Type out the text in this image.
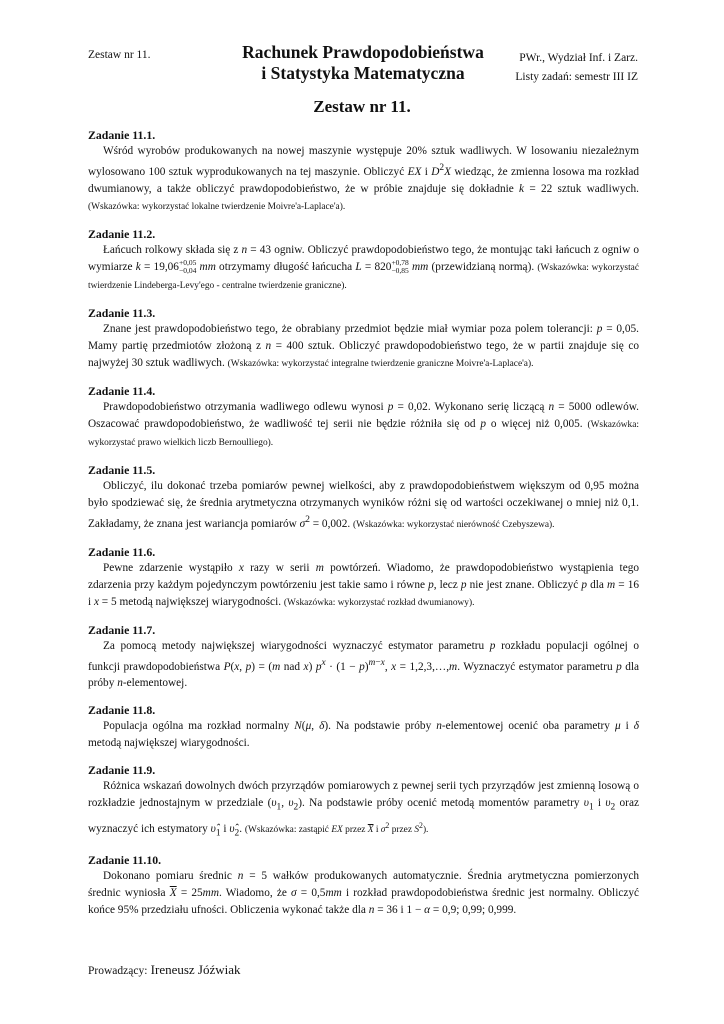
Zestaw nr 11.	Rachunek Prawdopodobieństwa
i Statystyka Matematyczna
PWr., Wydział Inf. i Zarz.
Listy zadań: semestr III IZ
Zestaw nr 11.
Zadanie 11.1.

Wśród wyrobów produkowanych na nowej maszynie występuje 20% sztuk wadliwych. W losowaniu niezależnym wylosowano 100 sztuk wyprodukowanych na tej maszynie. Obliczyć EX i $D^2X$ wiedząc, że zmienna losowa ma rozkład dwumianowy, a także obliczyć prawdopodobieństwo, że w próbie znajduje się dokładnie k = 22 sztuk wadliwych. (Wskazówka: wykorzystać lokalne twierdzenie Moivre'a-Laplace'a).

Zadanie 11.2.

Łańcuch rolkowy składa się z n = 43 ogniw. Obliczyć prawdopodobieństwo tego, że montując taki łańcuch z ogniw o wymiarze k = 19,06+0,05
−0,04 mm otrzymamy długość łańcucha L = 820+0,78
−0,85 mm (przewidzianą normą). (Wskazówka: wykorzystać twierdzenie Lindeberga-Levy'ego - centralne twierdzenie graniczne).

Zadanie 11.3.

Znane jest prawdopodobieństwo tego, że obrabiany przedmiot będzie miał wymiar poza polem tolerancji: p = 0,05. Mamy partię przedmiotów złożoną z n = 400 sztuk. Obliczyć prawdopodobieństwo tego, że w partii znajduje się co najwyżej 30 sztuk wadliwych. (Wskazówka: wykorzystać integralne twierdzenie graniczne Moivre'a-Laplace'a).

Zadanie 11.4.

Prawdopodobieństwo otrzymania wadliwego odlewu wynosi p = 0,02. Wykonano serię liczącą n = 5000 odlewów. Oszacować prawdopodobieństwo, że wadliwość tej serii nie będzie różniła się od p o więcej niż 0,005. (Wskazówka: wykorzystać prawo wielkich liczb Bernoulliego).

Zadanie 11.5.

Obliczyć, ilu dokonać trzeba pomiarów pewnej wielkości, aby z prawdopodobieństwem większym od 0,95 można było spodziewać się, że średnia arytmetyczna otrzymanych wyników różni się od wartości oczekiwanej o mniej niż 0,1. Zakładamy, że znana jest wariancja pomiarów $\sigma^2 = 0,002$. (Wskazówka: wykorzystać nierówność Czebyszewa).

Zadanie 11.6.

Pewne zdarzenie wystąpiło x razy w serii m powtórzeń. Wiadomo, że prawdopodobieństwo wystąpienia tego zdarzenia przy każdym pojedynczym powtórzeniu jest takie samo i równe p, lecz p nie jest znane. Obliczyć p dla m = 16 i x = 5 metodą największej wiarygodności. (Wskazówka: wykorzystać rozkład dwumianowy).

Zadanie 11.7.

Za pomocą metody największej wiarygodności wyznaczyć estymator parametru p rozkładu populacji ogólnej o funkcji prawdopodobieństwa P(x, p) = (m nad x) $p^x \cdot (1 - p)^{m-x}$, x = 1,2,3,…,m. Wyznaczyć estymator parametru p dla próby n-elementowej.

Zadanie 11.8.

Populacja ogólna ma rozkład normalny N(μ, δ). Na podstawie próby n-elementowej ocenić oba parametry μ i δ metodą największej wiarygodności.

Zadanie 11.9.

Różnica wskazań dowolnych dwóch przyrządów pomiarowych z pewnej serii tych przyrządów jest zmienną losową o rozkładzie jednostajnym w przedziale ($\upsilon_1$, $\upsilon_2$). Na podstawie próby ocenić metodą momentów parametry $\upsilon_1$ i $\upsilon_2$ oraz wyznaczyć ich estymatory $\upsilon̂_1$ i $\upsilon̂_2$. (Wskazówka: zastąpić EX przez $\overline{X}$ i $\sigma^2$ przez $S^2$).

Zadanie 11.10.

Dokonano pomiaru średnic n = 5 wałków produkowanych automatycznie. Średnia arytmetyczna pomierzonych średnic wyniosła $\overline{X} = 25mm$. Wiadomo, że σ = 0,5mm i rozkład prawdopodobieństwa średnic jest normalny. Obliczyć końce 95% przedziału ufności. Obliczenia wykonać także dla n = 36 i 1 − α = 0,9; 0,99; 0,999.

Prowadzący: Ireneusz Jóźwiak
